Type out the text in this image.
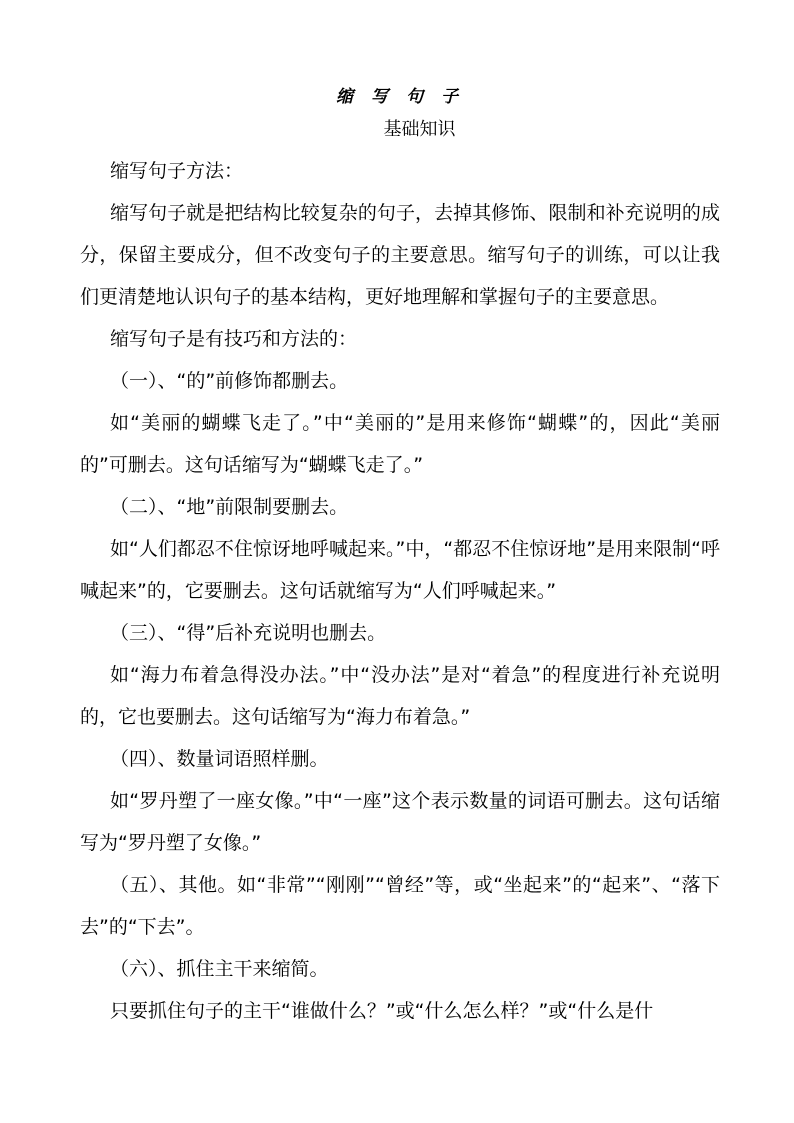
缩写句子
基础知识

缩写句子方法：

缩写句子就是把结构比较复杂的句子，去掉其修饰、限制和补充说明的成分，保留主要成分，但不改变句子的主要意思。缩写句子的训练，可以让我们更清楚地认识句子的基本结构，更好地理解和掌握句子的主要意思。

缩写句子是有技巧和方法的：

（一）、“的”前修饰都删去。

如“美丽的蝴蝶飞走了。”中“美丽的”是用来修饰“蝴蝶”的，因此“美丽的”可删去。这句话缩写为“蝴蝶飞走了。”

（二）、“地”前限制要删去。

如“人们都忍不住惊讶地呼喊起来。”中，“都忍不住惊讶地”是用来限制“呼喊起来”的，它要删去。这句话就缩写为“人们呼喊起来。”

（三）、“得”后补充说明也删去。

如“海力布着急得没办法。”中“没办法”是对“着急”的程度进行补充说明的，它也要删去。这句话缩写为“海力布着急。”

（四）、数量词语照样删。

如“罗丹塑了一座女像。”中“一座”这个表示数量的词语可删去。这句话缩写为“罗丹塑了女像。”

（五）、其他。如“非常”“刚刚”“曾经”等，或“坐起来”的“起来”、“落下去”的“下去”。

（六）、抓住主干来缩简。

只要抓住句子的主干“谁做什么？”或“什么怎么样？”或“什么是什
